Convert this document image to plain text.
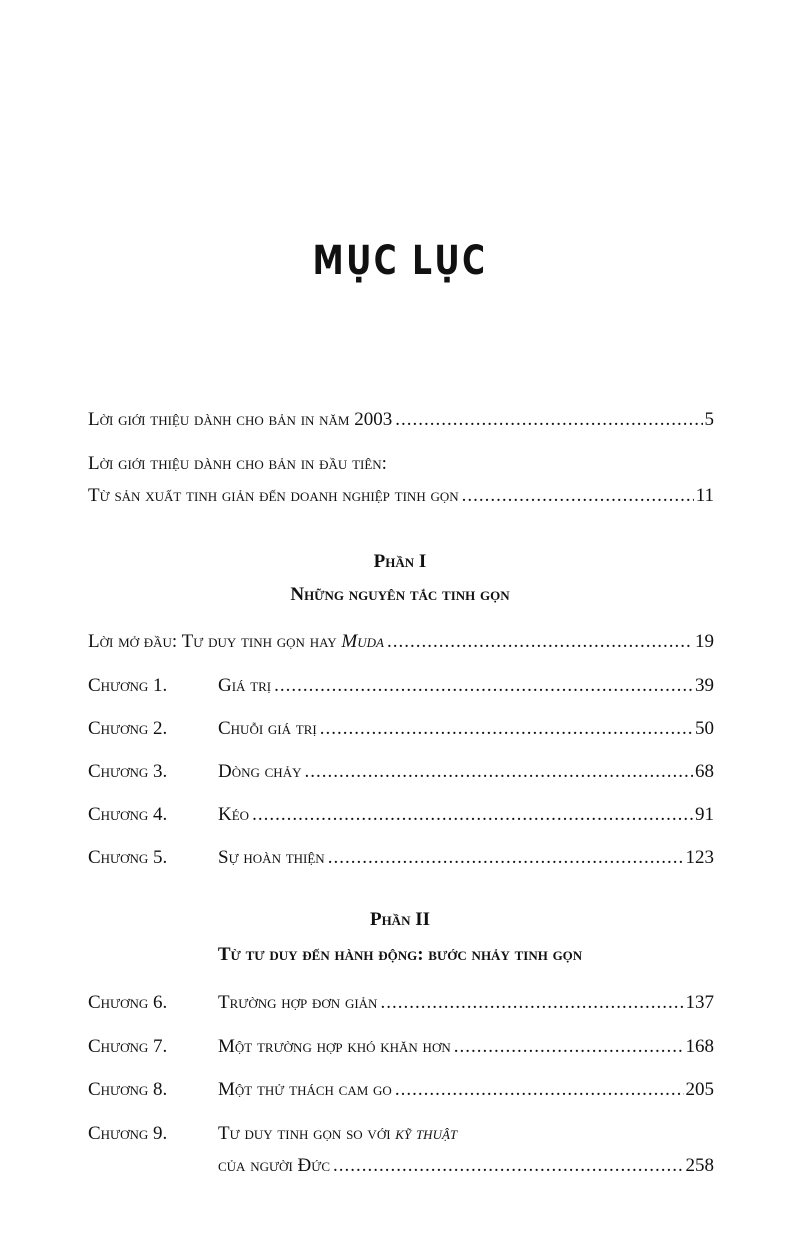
MỤC LỤC
Lời giới thiệu dành cho bản in năm 2003 .....	5
Lời giới thiệu dành cho bản in đầu tiên:
Từ sản xuất tinh giản đến doanh nghiệp tinh gọn .....	11
Phần I
Những nguyên tắc tinh gọn
Lời mở đầu: Tư duy tinh gọn hay Muda .....	19
Chương 1.	Giá trị .....	39
Chương 2.	Chuỗi giá trị .....	50
Chương 3.	Dòng chảy .....	68
Chương 4.	Kéo .....	91
Chương 5.	Sự hoàn thiện .....	123
Phần II
Từ tư duy đến hành động: bước nhảy tinh gọn
Chương 6.	Trường hợp đơn giản .....	137
Chương 7.	Một trường hợp khó khăn hơn .....	168
Chương 8.	Một thử thách cam go .....	205
Chương 9.	Tư duy tinh gọn so với kỹ thuật
của người Đức .....	258
